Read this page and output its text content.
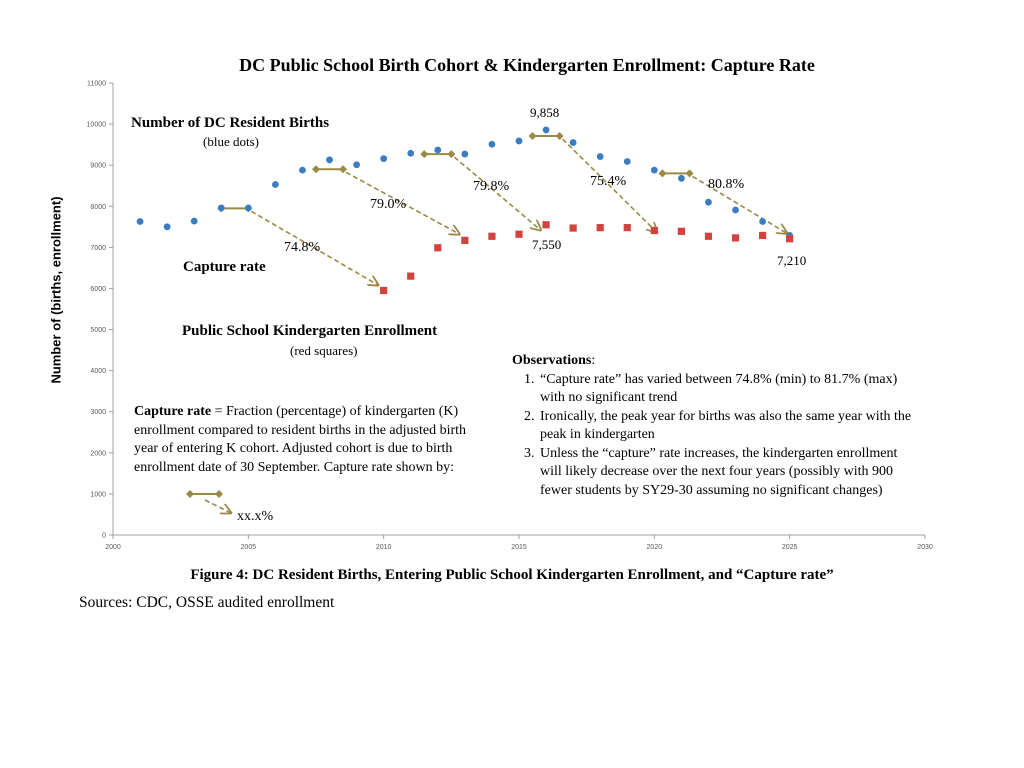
0
1000
2000
3000
4000
5000
6000
7000
8000
9000
10000
11000
2000	2005	2010	2015	2020	2025	2030
DC Public School Birth Cohort & Kindergarten Enrollment: Capture Rate
Number of (births, enrollment)
Number of DC Resident Births
(blue dots)
Capture rate
Public School Kindergarten Enrollment
(red squares)
74.8%
79.0%
79.8%	75.4%	80.8%
9,858
7,550
7,210
Capture rate = Fraction (percentage) of kindergarten (K) enrollment compared to resident births in the adjusted birth year of entering K cohort. Adjusted cohort is due to birth enrollment date of 30 September. Capture rate shown by:
xx.x%
Observations:
1. “Capture rate” has varied between 74.8% (min) to 81.7% (max) with no significant trend
2. Ironically, the peak year for births was also the same year with the peak in kindergarten
3. Unless the “capture” rate increases, the kindergarten enrollment will likely decrease over the next four years (possibly with 900 fewer students by SY29-30 assuming no significant changes)
Figure 4: DC Resident Births, Entering Public School Kindergarten Enrollment, and “Capture rate”
Sources: CDC, OSSE audited enrollment
